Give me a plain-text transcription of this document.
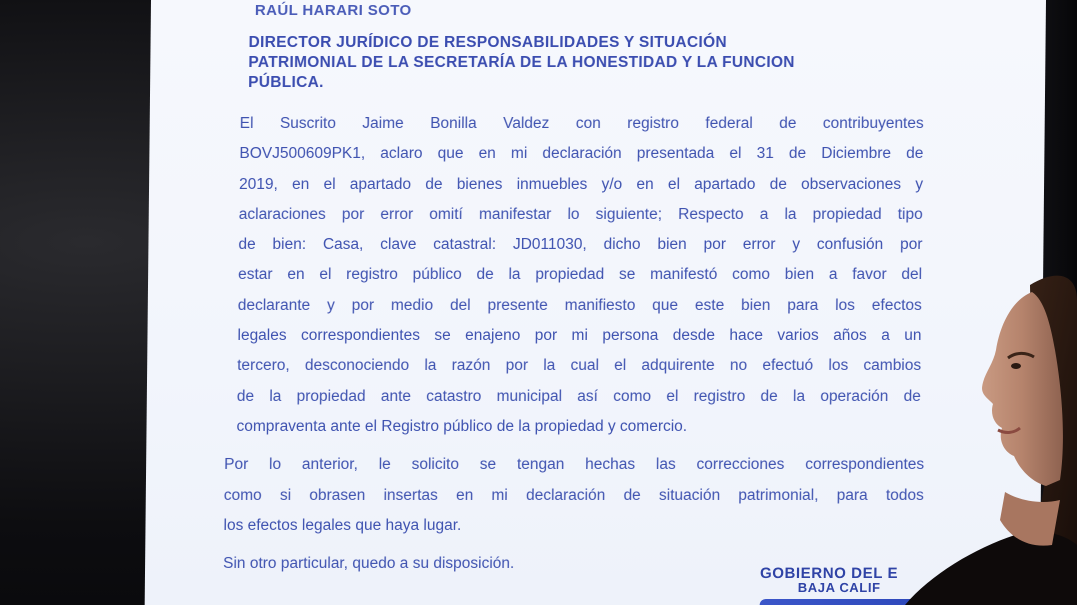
RAÚL HARARI SOTO
DIRECTOR JURÍDICO DE RESPONSABILIDADES Y SITUACIÓN
PATRIMONIAL DE LA SECRETARÍA DE LA HONESTIDAD Y LA FUNCION
PÚBLICA.
El Suscrito Jaime Bonilla Valdez con registro federal de contribuyentes
BOVJ500609PK1, aclaro que en mi declaración presentada el 31 de Diciembre de
2019, en el apartado de bienes inmuebles y/o en el apartado de observaciones y
aclaraciones por error omití manifestar lo siguiente; Respecto a la propiedad tipo
de bien: Casa, clave catastral: JD011030, dicho bien por error y confusión por
estar en el registro público de la propiedad se manifestó como bien a favor del
declarante y por medio del presente manifiesto que este bien para los efectos
legales correspondientes se enajeno por mi persona desde hace varios años a un
tercero, desconociendo la razón por la cual el adquirente no efectuó los cambios
de la propiedad ante catastro municipal así como el registro de la operación de
compraventa ante el Registro público de la propiedad y comercio.
Por lo anterior, le solicito se tengan hechas las correcciones correspondientes
como si obrasen insertas en mi declaración de situación patrimonial, para todos
los efectos legales que haya lugar.
Sin otro particular, quedo a su disposición.
GOBIERNO DEL E
BAJA CALIF
